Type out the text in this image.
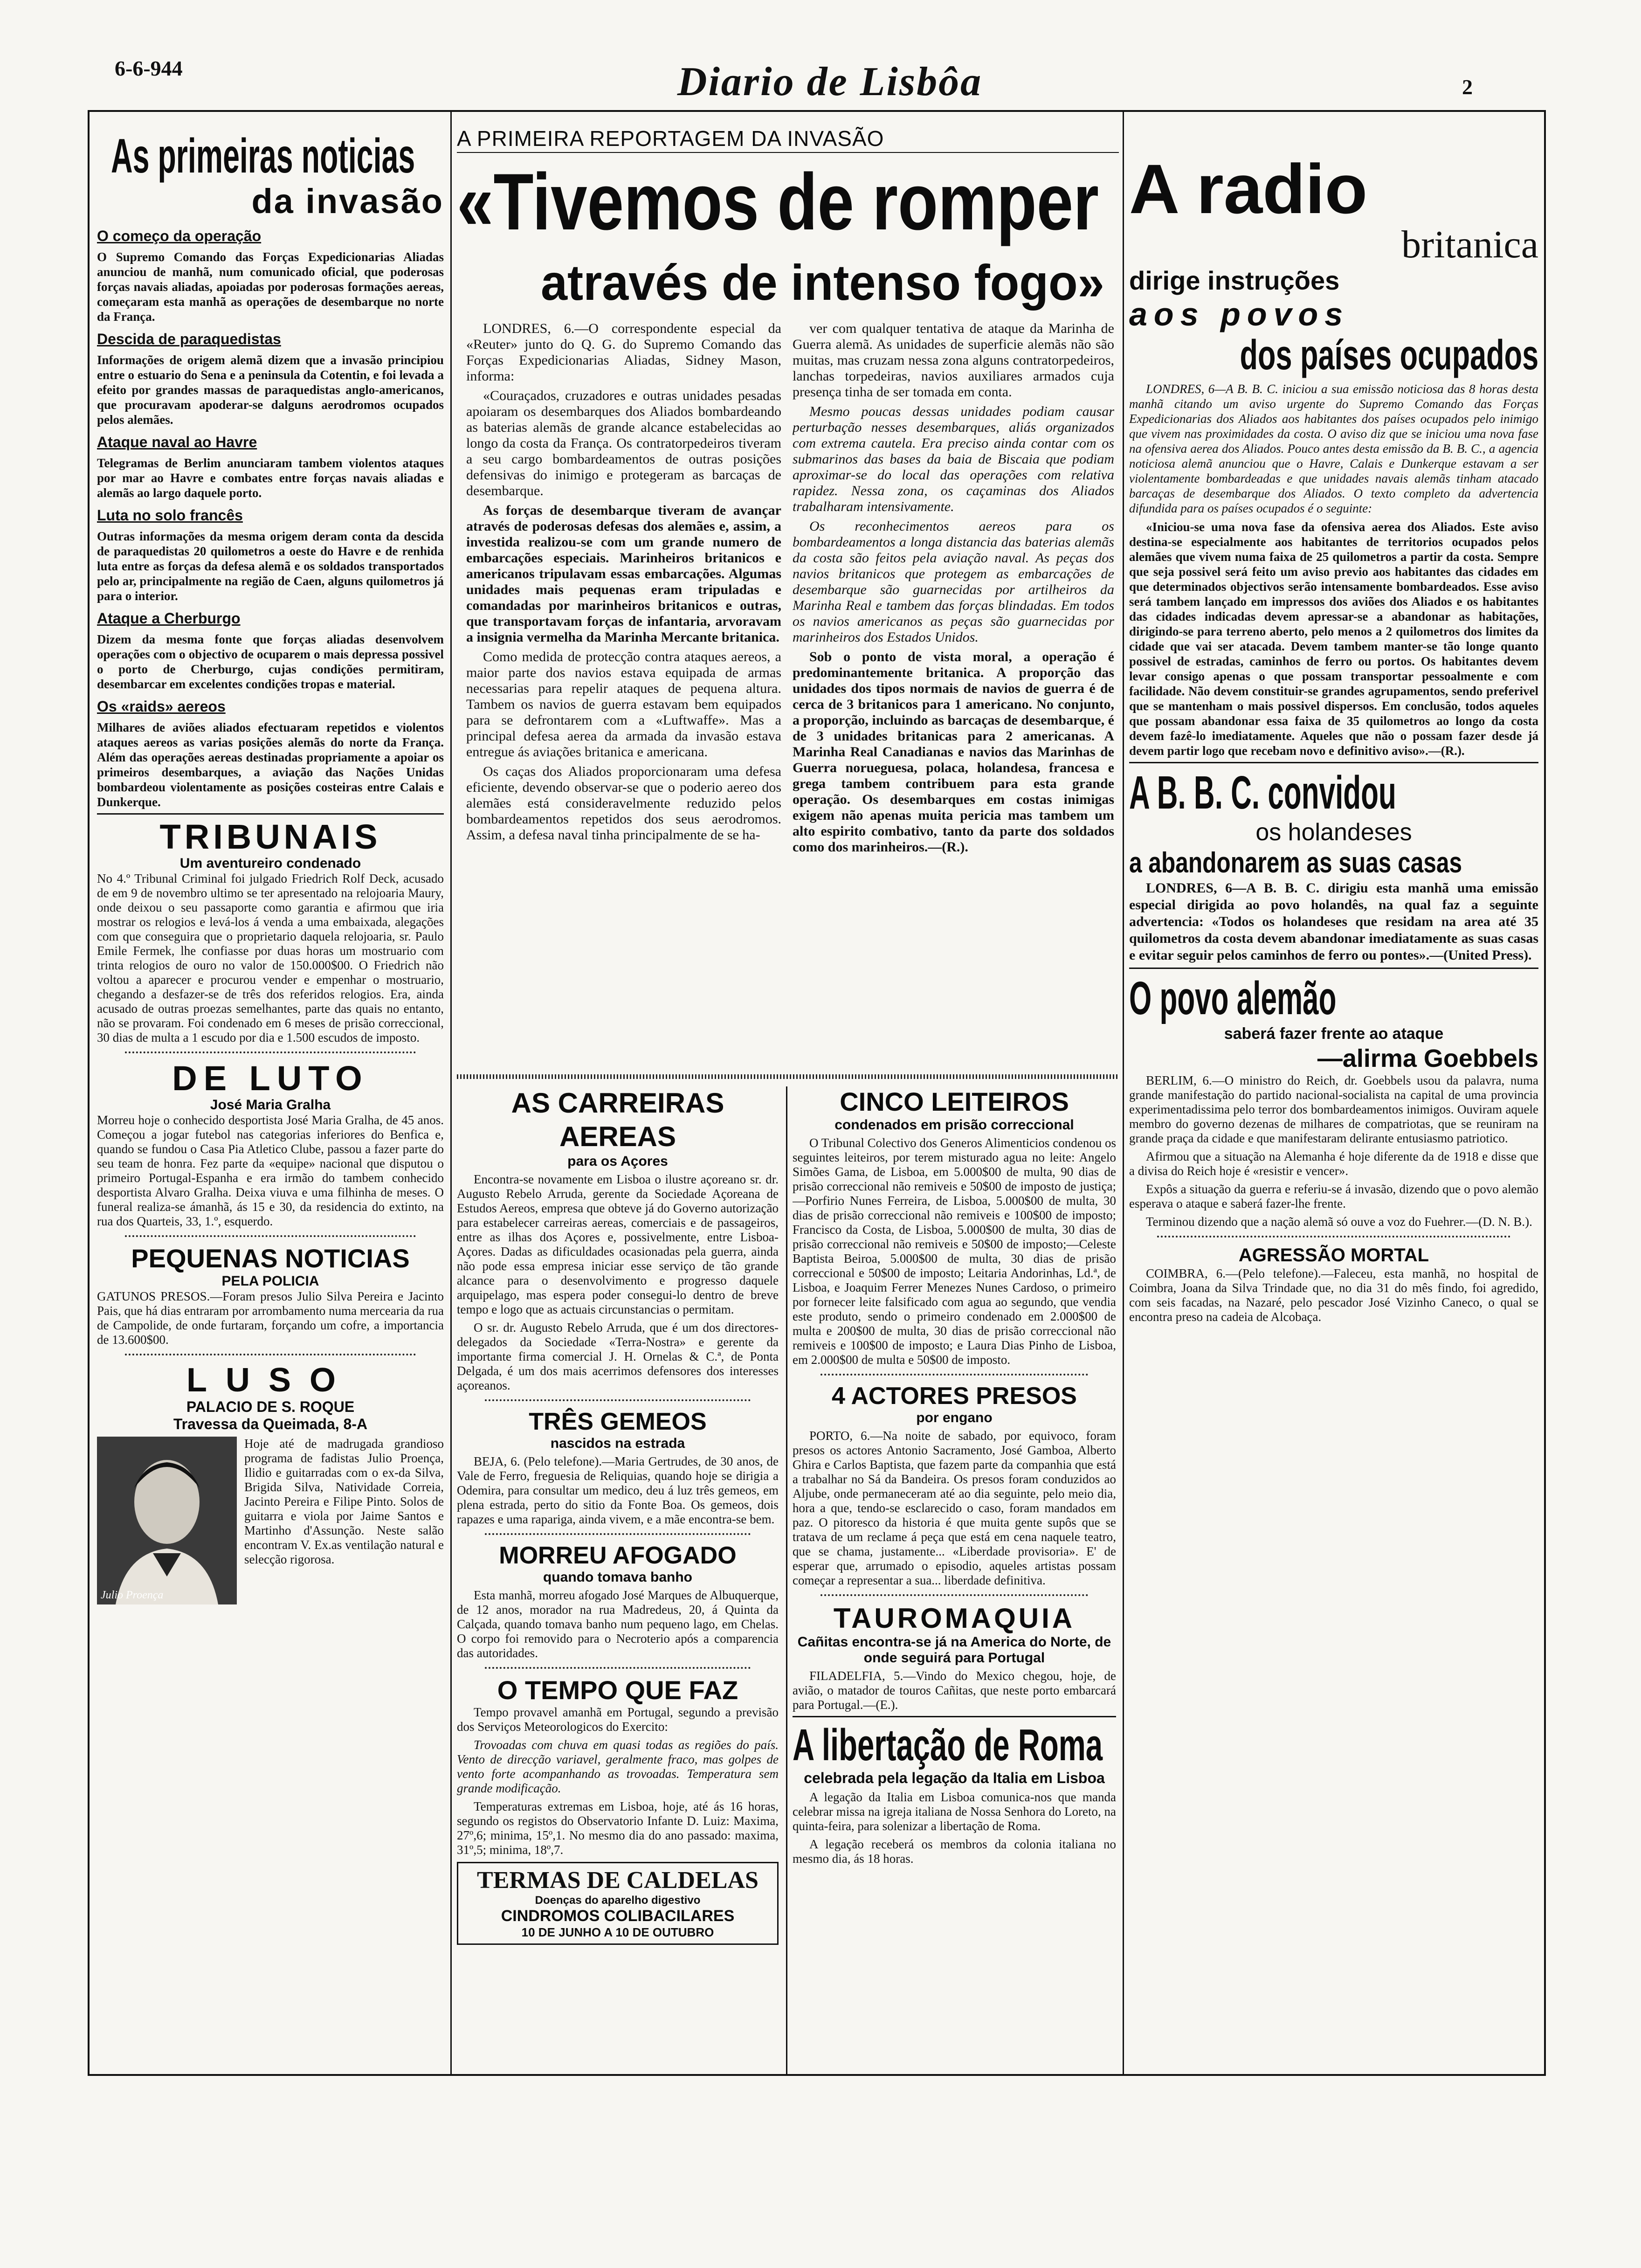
6-6-944	Diario de Lisbôa	2
As primeiras noticias
da invasão
O começo da operação
O Supremo Comando das Forças Expedicionarias Aliadas anunciou de manhã, num comunicado oficial, que poderosas forças navais aliadas, apoiadas por poderosas formações aereas, começaram esta manhã as operações de desembarque no norte da França.
Descida de paraquedistas
Informações de origem alemã dizem que a invasão principiou entre o estuario do Sena e a peninsula da Cotentin, e foi levada a efeito por grandes massas de paraquedistas anglo-americanos, que procuravam apoderar-se dalguns aerodromos ocupados pelos alemães.
Ataque naval ao Havre
Telegramas de Berlim anunciaram tambem violentos ataques por mar ao Havre e combates entre forças navais aliadas e alemãs ao largo daquele porto.
Luta no solo francês
Outras informações da mesma origem deram conta da descida de paraquedistas 20 quilometros a oeste do Havre e de renhida luta entre as forças da defesa alemã e os soldados transportados pelo ar, principalmente na região de Caen, alguns quilometros já para o interior.
Ataque a Cherburgo
Dizem da mesma fonte que forças aliadas desenvolvem operações com o objectivo de ocuparem o mais depressa possivel o porto de Cherburgo, cujas condições permitiram, desembarcar em excelentes condições tropas e material.
Os «raids» aereos
Milhares de aviões aliados efectuaram repetidos e violentos ataques aereos as varias posições alemãs do norte da França. Além das operações aereas destinadas propriamente a apoiar os primeiros desembarques, a aviação das Nações Unidas bombardeou violentamente as posições costeiras entre Calais e Dunkerque.
TRIBUNAIS
Um aventureiro condenado
No 4.º Tribunal Criminal foi julgado Friedrich Rolf Deck, acusado de em 9 de novembro ultimo se ter apresentado na relojoaria Maury, onde deixou o seu passaporte como garantia e afirmou que iria mostrar os relogios e levá-los á venda a uma embaixada, alegações com que conseguira que o proprietario daquela relojoaria, sr. Paulo Emile Fermek, lhe confiasse por duas horas um mostruario com trinta relogios de ouro no valor de 150.000$00. O Friedrich não voltou a aparecer e procurou vender e empenhar o mostruario, chegando a desfazer-se de três dos referidos relogios. Era, ainda acusado de outras proezas semelhantes, parte das quais no entanto, não se provaram. Foi condenado em 6 meses de prisão correccional, 30 dias de multa a 1 escudo por dia e 1.500 escudos de imposto.
DE LUTO
José Maria Gralha
Morreu hoje o conhecido desportista José Maria Gralha, de 45 anos. Começou a jogar futebol nas categorias inferiores do Benfica e, quando se fundou o Casa Pia Atletico Clube, passou a fazer parte do seu team de honra. Fez parte da «equipe» nacional que disputou o primeiro Portugal-Espanha e era irmão do tambem conhecido desportista Alvaro Gralha. Deixa viuva e uma filhinha de meses. O funeral realiza-se ámanhã, ás 15 e 30, da residencia do extinto, na rua dos Quarteis, 33, 1.º, esquerdo.
PEQUENAS NOTICIAS
PELA POLICIA
GATUNOS PRESOS.—Foram presos Julio Silva Pereira e Jacinto Pais, que há dias entraram por arrombamento numa mercearia da rua de Campolide, de onde furtaram, forçando um cofre, a importancia de 13.600$00.
LUSO
PALACIO DE S. ROQUE
Travessa da Queimada, 8-A
Julio Proença
Hoje até de madrugada grandioso programa de fadistas Julio Proença, Ilidio e guitarradas com o ex-da Silva, Brigida Silva, Natividade Correia, Jacinto Pereira e Filipe Pinto. Solos de guitarra e viola por Jaime Santos e Martinho d'Assunção. Neste salão encontram V. Ex.as ventilação natural e selecção rigorosa.
A PRIMEIRA REPORTAGEM DA INVASÃO
«Tivemos de romper
através de intenso fogo»

LONDRES, 6.—O correspondente especial da «Reuter» junto do Q. G. do Supremo Comando das Forças Expedicionarias Aliadas, Sidney Mason, informa:

«Couraçados, cruzadores e outras unidades pesadas apoiaram os desembarques dos Aliados bombardeando as baterias alemãs de grande alcance estabelecidas ao longo da costa da França. Os contratorpedeiros tiveram a seu cargo bombardeamentos de outras posições defensivas do inimigo e protegeram as barcaças de desembarque.

As forças de desembarque tiveram de avançar através de poderosas defesas dos alemães e, assim, a investida realizou-se com um grande numero de embarcações especiais. Marinheiros britanicos e americanos tripulavam essas embarcações. Algumas unidades mais pequenas eram tripuladas e comandadas por marinheiros britanicos e outras, que transportavam forças de infantaria, arvoravam a insignia vermelha da Marinha Mercante britanica.

Como medida de protecção contra ataques aereos, a maior parte dos navios estava equipada de armas necessarias para repelir ataques de pequena altura. Tambem os navios de guerra estavam bem equipados para se defrontarem com a «Luftwaffe». Mas a principal defesa aerea da armada da invasão estava entregue ás aviações britanica e americana.

Os caças dos Aliados proporcionaram uma defesa eficiente, devendo observar-se que o poderio aereo dos alemães está consideravelmente reduzido pelos bombardeamentos repetidos dos seus aerodromos. Assim, a defesa naval tinha principalmente de se ha-

ver com qualquer tentativa de ataque da Marinha de Guerra alemã. As unidades de superficie alemãs não são muitas, mas cruzam nessa zona alguns contratorpedeiros, lanchas torpedeiras, navios auxiliares armados cuja presença tinha de ser tomada em conta.

Mesmo poucas dessas unidades podiam causar perturbação nesses desembarques, aliás organizados com extrema cautela. Era preciso ainda contar com os submarinos das bases da baia de Biscaia que podiam aproximar-se do local das operações com relativa rapidez. Nessa zona, os caçaminas dos Aliados trabalharam intensivamente.

Os reconhecimentos aereos para os bombardeamentos a longa distancia das baterias alemãs da costa são feitos pela aviação naval. As peças dos navios britanicos que protegem as embarcações de desembarque são guarnecidas por artilheiros da Marinha Real e tambem das forças blindadas. Em todos os navios americanos as peças são guarnecidas por marinheiros dos Estados Unidos.

Sob o ponto de vista moral, a operação é predominantemente britanica. A proporção das unidades dos tipos normais de navios de guerra é de cerca de 3 britanicos para 1 americano. No conjunto, a proporção, incluindo as barcaças de desembarque, é de 3 unidades britanicas para 2 americanas. A Marinha Real Canadianas e navios das Marinhas de Guerra norueguesa, polaca, holandesa, francesa e grega tambem contribuem para esta grande operação. Os desembarques em costas inimigas exigem não apenas muita pericia mas tambem um alto espirito combativo, tanto da parte dos soldados como dos marinheiros.—(R.).

AS CARREIRAS AEREAS
para os Açores

Encontra-se novamente em Lisboa o ilustre açoreano sr. dr. Augusto Rebelo Arruda, gerente da Sociedade Açoreana de Estudos Aereos, empresa que obteve já do Governo autorização para estabelecer carreiras aereas, comerciais e de passageiros, entre as ilhas dos Açores e, possivelmente, entre Lisboa-Açores. Dadas as dificuldades ocasionadas pela guerra, ainda não pode essa empresa iniciar esse serviço de tão grande alcance para o desenvolvimento e progresso daquele arquipelago, mas espera poder consegui-lo dentro de breve tempo e logo que as actuais circunstancias o permitam.

O sr. dr. Augusto Rebelo Arruda, que é um dos directores-delegados da Sociedade «Terra-Nostra» e gerente da importante firma comercial J. H. Ornelas & C.ª, de Ponta Delgada, é um dos mais acerrimos defensores dos interesses açoreanos.

TRÊS GEMEOS
nascidos na estrada

BEJA, 6. (Pelo telefone).—Maria Gertrudes, de 30 anos, de Vale de Ferro, freguesia de Reliquias, quando hoje se dirigia a Odemira, para consultar um medico, deu á luz três gemeos, em plena estrada, perto do sitio da Fonte Boa. Os gemeos, dois rapazes e uma rapariga, ainda vivem, e a mãe encontra-se bem.

MORREU AFOGADO
quando tomava banho

Esta manhã, morreu afogado José Marques de Albuquerque, de 12 anos, morador na rua Madredeus, 20, á Quinta da Calçada, quando tomava banho num pequeno lago, em Chelas. O corpo foi removido para o Necroterio após a comparencia das autoridades.

O TEMPO QUE FAZ

Tempo provavel amanhã em Portugal, segundo a previsão dos Serviços Meteorologicos do Exercito:

Trovoadas com chuva em quasi todas as regiões do país. Vento de direcção variavel, geralmente fraco, mas golpes de vento forte acompanhando as trovoadas. Temperatura sem grande modificação.

Temperaturas extremas em Lisboa, hoje, até ás 16 horas, segundo os registos do Observatorio Infante D. Luiz: Maxima, 27º,6; minima, 15º,1. No mesmo dia do ano passado: maxima, 31º,5; minima, 18º,7.

TERMAS DE CALDELAS
Doenças do aparelho digestivo
CINDROMOS COLIBACILARES
10 DE JUNHO A 10 DE OUTUBRO
CINCO LEITEIROS
condenados em prisão correccional

O Tribunal Colectivo dos Generos Alimenticios condenou os seguintes leiteiros, por terem misturado agua no leite: Angelo Simões Gama, de Lisboa, em 5.000$00 de multa, 90 dias de prisão correccional não remiveis e 50$00 de imposto de justiça;—Porfirio Nunes Ferreira, de Lisboa, 5.000$00 de multa, 30 dias de prisão correccional não remiveis e 100$00 de imposto; Francisco da Costa, de Lisboa, 5.000$00 de multa, 30 dias de prisão correccional não remiveis e 50$00 de imposto;—Celeste Baptista Beiroa, 5.000$00 de multa, 30 dias de prisão correccional e 50$00 de imposto; Leitaria Andorinhas, Ld.ª, de Lisboa, e Joaquim Ferrer Menezes Nunes Cardoso, o primeiro por fornecer leite falsificado com agua ao segundo, que vendia este produto, sendo o primeiro condenado em 2.000$00 de multa e 200$00 de multa, 30 dias de prisão correccional não remiveis e 100$00 de imposto; e Laura Dias Pinho de Lisboa, em 2.000$00 de multa e 50$00 de imposto.

4 ACTORES PRESOS
por engano

PORTO, 6.—Na noite de sabado, por equivoco, foram presos os actores Antonio Sacramento, José Gamboa, Alberto Ghira e Carlos Baptista, que fazem parte da companhia que está a trabalhar no Sá da Bandeira. Os presos foram conduzidos ao Aljube, onde permaneceram até ao dia seguinte, pelo meio dia, hora a que, tendo-se esclarecido o caso, foram mandados em paz. O pitoresco da historia é que muita gente supôs que se tratava de um reclame á peça que está em cena naquele teatro, que se chama, justamente... «Liberdade provisoria». E' de esperar que, arrumado o episodio, aqueles artistas possam começar a representar a sua... liberdade definitiva.

TAUROMAQUIA
Cañitas encontra-se já na America do Norte, de onde seguirá para Portugal

FILADELFIA, 5.—Vindo do Mexico chegou, hoje, de avião, o matador de touros Cañitas, que neste porto embarcará para Portugal.—(E.).

A libertação de Roma
celebrada pela legação da Italia em Lisboa

A legação da Italia em Lisboa comunica-nos que manda celebrar missa na igreja italiana de Nossa Senhora do Loreto, na quinta-feira, para solenizar a libertação de Roma.

A legação receberá os membros da colonia italiana no mesmo dia, ás 18 horas.

A radio
britanica
dirige instruções
aos povos
dos países ocupados

LONDRES, 6—A B. B. C. iniciou a sua emissão noticiosa das 8 horas desta manhã citando um aviso urgente do Supremo Comando das Forças Expedicionarias dos Aliados aos habitantes dos países ocupados pelo inimigo que vivem nas proximidades da costa. O aviso diz que se iniciou uma nova fase na ofensiva aerea dos Aliados. Pouco antes desta emissão da B. B. C., a agencia noticiosa alemã anunciou que o Havre, Calais e Dunkerque estavam a ser violentamente bombardeadas e que unidades navais alemãs tinham atacado barcaças de desembarque dos Aliados. O texto completo da advertencia difundida para os países ocupados é o seguinte:

«Iniciou-se uma nova fase da ofensiva aerea dos Aliados. Este aviso destina-se especialmente aos habitantes de territorios ocupados pelos alemães que vivem numa faixa de 25 quilometros a partir da costa. Sempre que seja possivel será feito um aviso previo aos habitantes das cidades em que determinados objectivos serão intensamente bombardeados. Esse aviso será tambem lançado em impressos dos aviões dos Aliados e os habitantes das cidades indicadas devem apressar-se a abandonar as habitações, dirigindo-se para terreno aberto, pelo menos a 2 quilometros dos limites da cidade que vai ser atacada. Devem tambem manter-se tão longe quanto possivel de estradas, caminhos de ferro ou portos. Os habitantes devem levar consigo apenas o que possam transportar pessoalmente e com facilidade. Não devem constituir-se grandes agrupamentos, sendo preferivel que se mantenham o mais possivel dispersos. Em conclusão, todos aqueles que possam abandonar essa faixa de 35 quilometros ao longo da costa devem fazê-lo imediatamente. Aqueles que não o possam fazer desde já devem partir logo que recebam novo e definitivo aviso».—(R.).

A B. B. C. convidou
os holandeses
a abandonarem as suas casas

LONDRES, 6—A B. B. C. dirigiu esta manhã uma emissão especial dirigida ao povo holandês, na qual faz a seguinte advertencia: «Todos os holandeses que residam na area até 35 quilometros da costa devem abandonar imediatamente as suas casas e evitar seguir pelos caminhos de ferro ou pontes».—(United Press).

O povo alemão
saberá fazer frente ao ataque
—alirma Goebbels

BERLIM, 6.—O ministro do Reich, dr. Goebbels usou da palavra, numa grande manifestação do partido nacional-socialista na capital de uma provincia experimentadissima pelo terror dos bombardeamentos inimigos. Ouviram aquele membro do governo dezenas de milhares de compatriotas, que se reuniram na grande praça da cidade e que manifestaram delirante entusiasmo patriotico.

Afirmou que a situação na Alemanha é hoje diferente da de 1918 e disse que a divisa do Reich hoje é «resistir e vencer».

Expôs a situação da guerra e referiu-se á invasão, dizendo que o povo alemão esperava o ataque e saberá fazer-lhe frente.

Terminou dizendo que a nação alemã só ouve a voz do Fuehrer.—(D. N. B.).

AGRESSÃO MORTAL

COIMBRA, 6.—(Pelo telefone).—Faleceu, esta manhã, no hospital de Coimbra, Joana da Silva Trindade que, no dia 31 do mês findo, foi agredido, com seis facadas, na Nazaré, pelo pescador José Vizinho Caneco, o qual se encontra preso na cadeia de Alcobaça.
